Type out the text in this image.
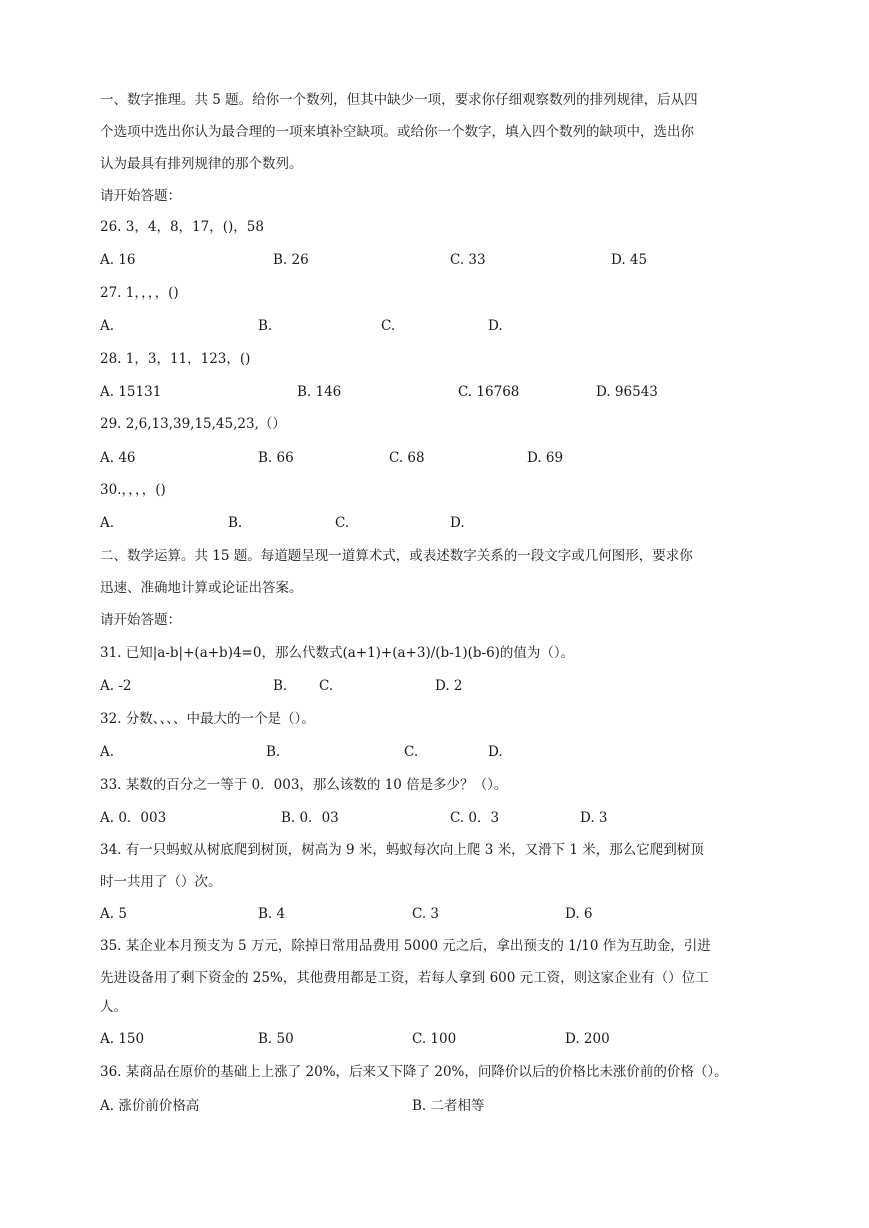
一、数字推理。共 5 题。给你一个数列，但其中缺少一项，要求你仔细观察数列的排列规律，后从四
个选项中选出你认为最合理的一项来填补空缺项。或给你一个数字，填入四个数列的缺项中，选出你
认为最具有排列规律的那个数列。
请开始答题：
26. 3，4，8，17，()，58
A. 16	B. 26	C. 33	D. 45
27. 1，，，，()
A.	B.	C.	D.
28. 1，3，11，123，()
A. 15131	B. 146	C. 16768	D. 96543
29. 2,6,13,39,15,45,23,（）
A. 46	B. 66	C. 68	D. 69
30.，，，，()
A.	B.	C.	D.
二、数学运算。共 15 题。每道题呈现一道算术式，或表述数字关系的一段文字或几何图形，要求你
迅速、准确地计算或论证出答案。
请开始答题：
31. 已知|a-b|+(a+b)4=0，那么代数式(a+1)+(a+3)/(b-1)(b-6)的值为（）。
A. -2	B. C.	D. 2
32. 分数、、、、中最大的一个是（）。
A.	B.	C.	D.
33. 某数的百分之一等于 0．003，那么该数的 10 倍是多少？（）。
A. 0．003	B. 0．03	C. 0．3	D. 3
34. 有一只蚂蚁从树底爬到树顶，树高为 9 米，蚂蚁每次向上爬 3 米，又滑下 1 米，那么它爬到树顶
时一共用了（）次。
A. 5	B. 4	C. 3	D. 6
35. 某企业本月预支为 5 万元，除掉日常用品费用 5000 元之后，拿出预支的 1/10 作为互助金，引进
先进设备用了剩下资金的 25%，其他费用都是工资，若每人拿到 600 元工资，则这家企业有（）位工
人。
A. 150	B. 50	C. 100	D. 200
36. 某商品在原价的基础上上涨了 20%，后来又下降了 20%，问降价以后的价格比未涨价前的价格（）。
A. 涨价前价格高	B. 二者相等
